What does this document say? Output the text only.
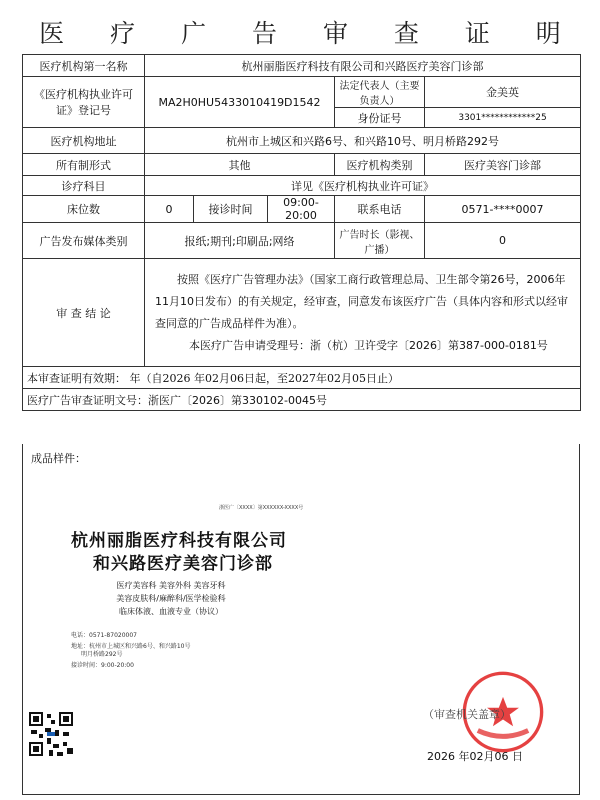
医 疗 广 告 审 查 证 明
医疗机构第一名称	杭州丽脂医疗科技有限公司和兴路医疗美容门诊部				
《医疗机构执业许可证》登记号	MA2H0HU5433010419D1542			法定代表人（主要负责人）	金美英
				身份证号	3301************25
医疗机构地址	杭州市上城区和兴路6号、和兴路10号、明月桥路292号				
所有制形式	其他			医疗机构类别	医疗美容门诊部
诊疗科目	详见《医疗机构执业许可证》				
床位数	0	接诊时间	09:00-20:00	联系电话	0571-****0007
广告发布媒体类别	报纸;期刊;印刷品;网络			广告时长（影视、广播）	0
审 查 结 论	按照《医疗广告管理办法》（国家工商行政管理总局、卫生部令第26号，2006年11月10日发布）的有关规定，经审查，同意发布该医疗广告（具体内容和形式以经审查同意的广告成品样件为准）。

本医疗广告申请受理号：浙（杭）卫许受字〔2026〕第387-000-0181号				

本审查证明有效期： 年（自2026 年02月06日起，至2027年02月05日止）					
医疗广告审查证明文号：浙医广〔2026〕第330102-0045号					
成品样件：
浙医广〔XXXX〕第XXXXXX-XXXX号
杭州丽脂医疗科技有限公司
和兴路医疗美容门诊部
医疗美容科 美容外科 美容牙科
美容皮肤科/麻醉科/医学检验科
临床体液、血液专业（协议）
电话：0571-87020007
地址：杭州市上城区和兴路6号、和兴路10号
明月桥路292号
接诊时间：9:00-20:00
（审查机关盖章）
2026 年02月06 日
